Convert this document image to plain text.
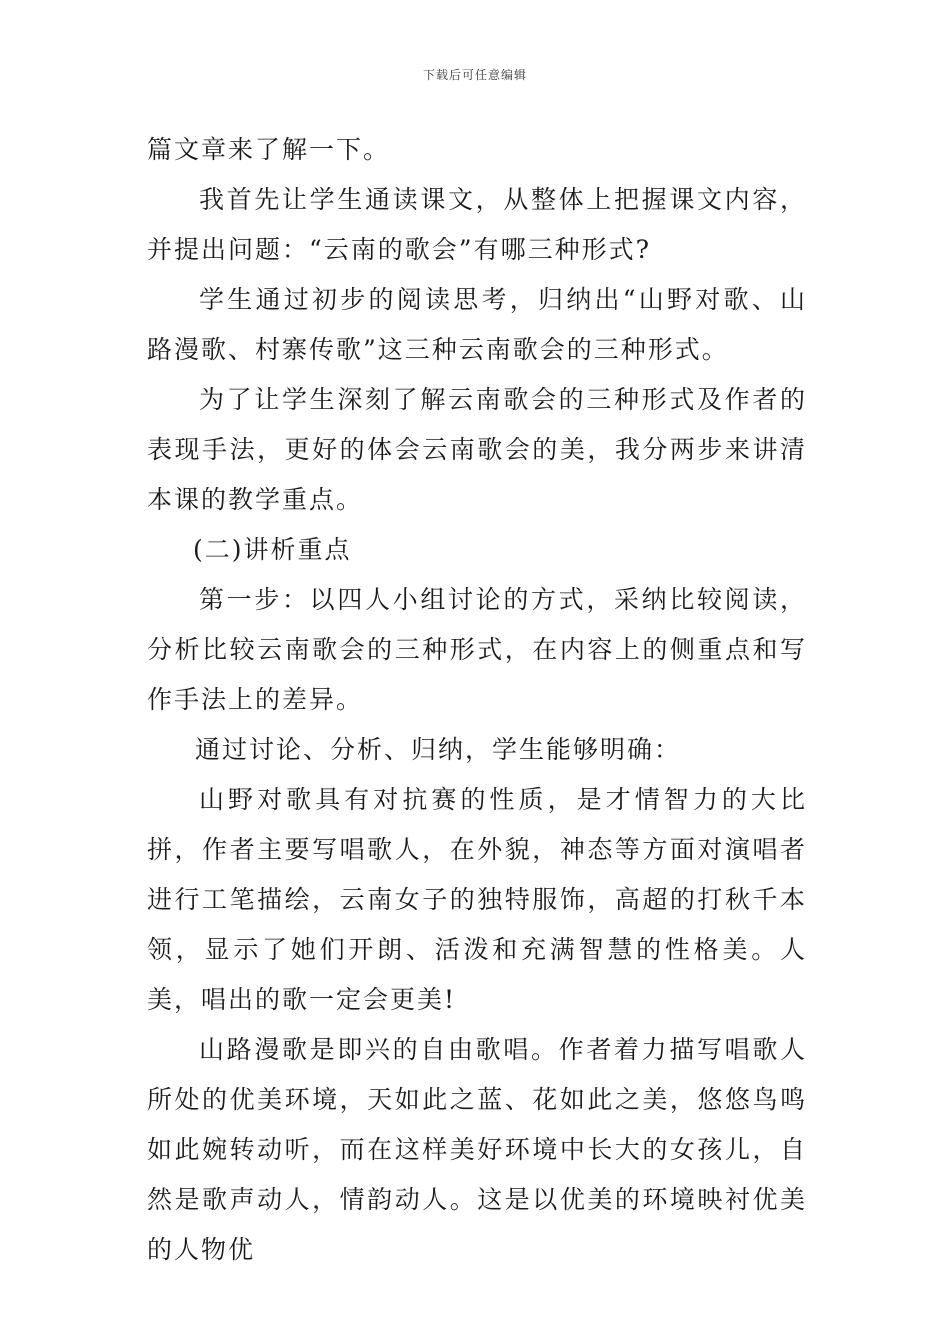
下载后可任意编辑

篇文章来了解一下。

我首先让学生通读课文，从整体上把握课文内容，并提出问题：“云南的歌会”有哪三种形式?

学生通过初步的阅读思考，归纳出“山野对歌、山路漫歌、村寨传歌”这三种云南歌会的三种形式。

为了让学生深刻了解云南歌会的三种形式及作者的表现手法，更好的体会云南歌会的美，我分两步来讲清本课的教学重点。

(二)讲析重点

第一步：以四人小组讨论的方式，采纳比较阅读，分析比较云南歌会的三种形式，在内容上的侧重点和写作手法上的差异。

通过讨论、分析、归纳，学生能够明确：

山野对歌具有对抗赛的性质，是才情智力的大比拼，作者主要写唱歌人，在外貌，神态等方面对演唱者进行工笔描绘，云南女子的独特服饰，高超的打秋千本领，显示了她们开朗、活泼和充满智慧的性格美。人美，唱出的歌一定会更美!

山路漫歌是即兴的自由歌唱。作者着力描写唱歌人所处的优美环境，天如此之蓝、花如此之美，悠悠鸟鸣如此婉转动听，而在这样美好环境中长大的女孩儿，自然是歌声动人，情韵动人。这是以优美的环境映衬优美的人物优
